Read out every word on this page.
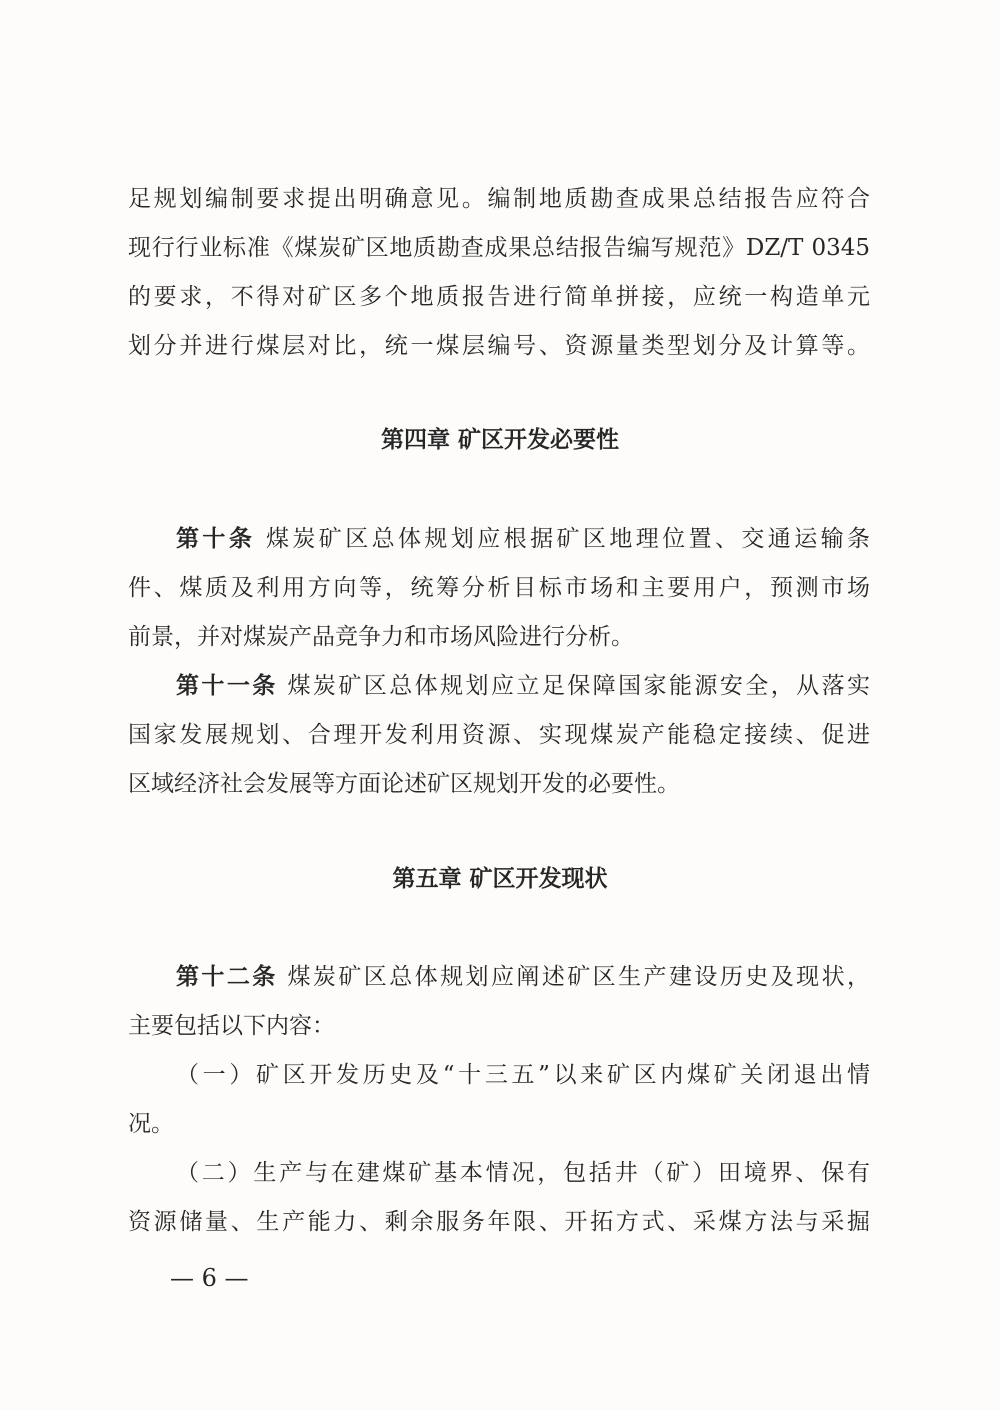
足规划编制要求提出明确意见。编制地质勘查成果总结报告应符合
现行行业标准《煤炭矿区地质勘查成果总结报告编写规范》DZ/T 0345
的要求，不得对矿区多个地质报告进行简单拼接，应统一构造单元
划分并进行煤层对比，统一煤层编号、资源量类型划分及计算等。
第四章 矿区开发必要性
第十条 煤炭矿区总体规划应根据矿区地理位置、交通运输条
件、煤质及利用方向等，统筹分析目标市场和主要用户，预测市场
前景，并对煤炭产品竞争力和市场风险进行分析。
第十一条 煤炭矿区总体规划应立足保障国家能源安全，从落实
国家发展规划、合理开发利用资源、实现煤炭产能稳定接续、促进
区域经济社会发展等方面论述矿区规划开发的必要性。
第五章 矿区开发现状
第十二条 煤炭矿区总体规划应阐述矿区生产建设历史及现状，
主要包括以下内容：
（一）矿区开发历史及“十三五”以来矿区内煤矿关闭退出情
况。
（二）生产与在建煤矿基本情况，包括井（矿）田境界、保有
资源储量、生产能力、剩余服务年限、开拓方式、采煤方法与采掘
— 6 —
